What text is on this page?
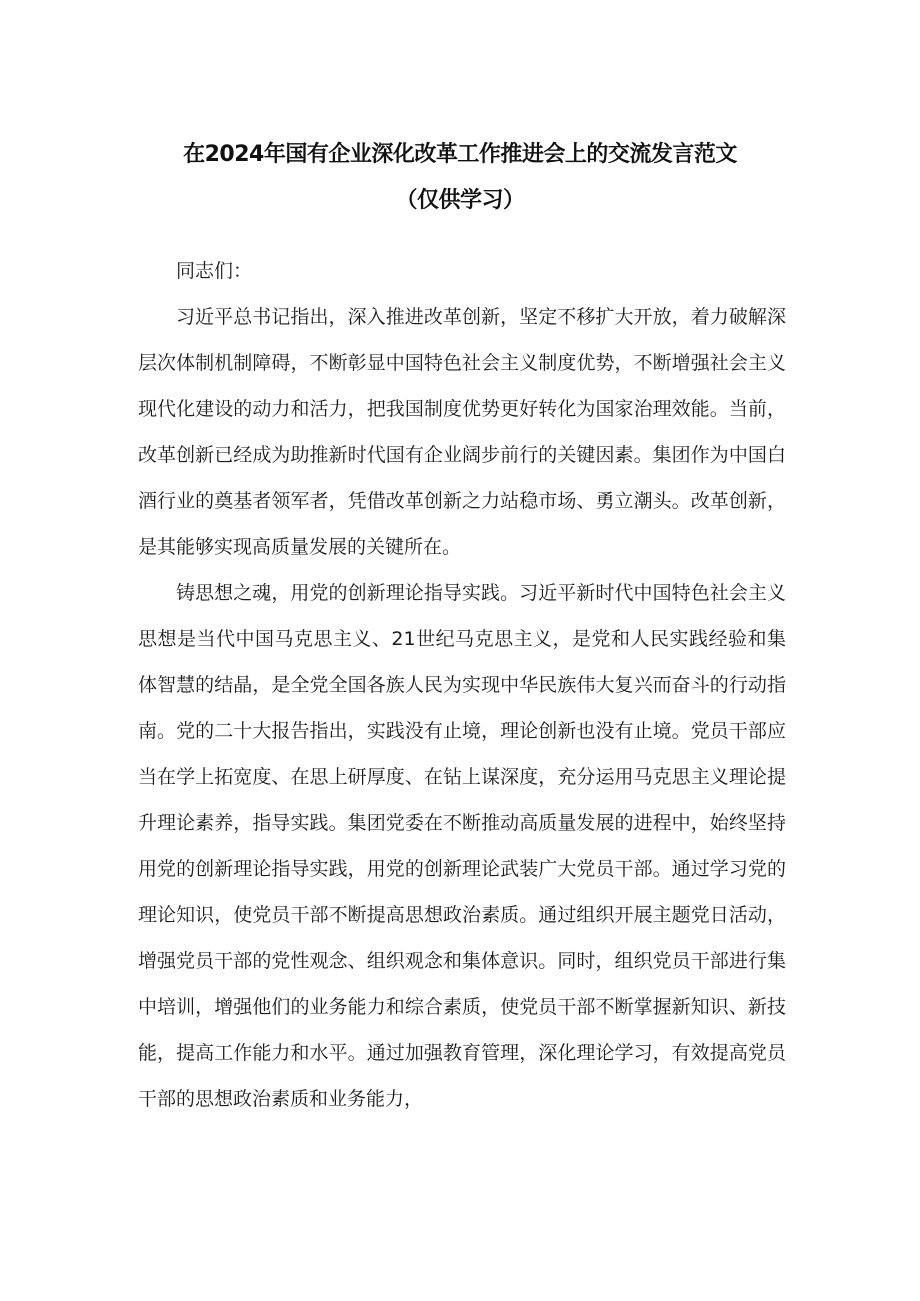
在2024年国有企业深化改革工作推进会上的交流发言范文
（仅供学习）

同志们：

习近平总书记指出，深入推进改革创新，坚定不移扩大开放，着力破解深层次体制机制障碍，不断彰显中国特色社会主义制度优势，不断增强社会主义现代化建设的动力和活力，把我国制度优势更好转化为国家治理效能。当前，改革创新已经成为助推新时代国有企业阔步前行的关键因素。集团作为中国白酒行业的奠基者领军者，凭借改革创新之力站稳市场、勇立潮头。改革创新，是其能够实现高质量发展的关键所在。

铸思想之魂，用党的创新理论指导实践。习近平新时代中国特色社会主义思想是当代中国马克思主义、21世纪马克思主义，是党和人民实践经验和集体智慧的结晶，是全党全国各族人民为实现中华民族伟大复兴而奋斗的行动指南。党的二十大报告指出，实践没有止境，理论创新也没有止境。党员干部应当在学上拓宽度、在思上研厚度、在钻上谋深度，充分运用马克思主义理论提升理论素养，指导实践。集团党委在不断推动高质量发展的进程中，始终坚持用党的创新理论指导实践，用党的创新理论武装广大党员干部。通过学习党的理论知识，使党员干部不断提高思想政治素质。通过组织开展主题党日活动，增强党员干部的党性观念、组织观念和集体意识。同时，组织党员干部进行集中培训，增强他们的业务能力和综合素质，使党员干部不断掌握新知识、新技能，提高工作能力和水平。通过加强教育管理，深化理论学习，有效提高党员干部的思想政治素质和业务能力，
